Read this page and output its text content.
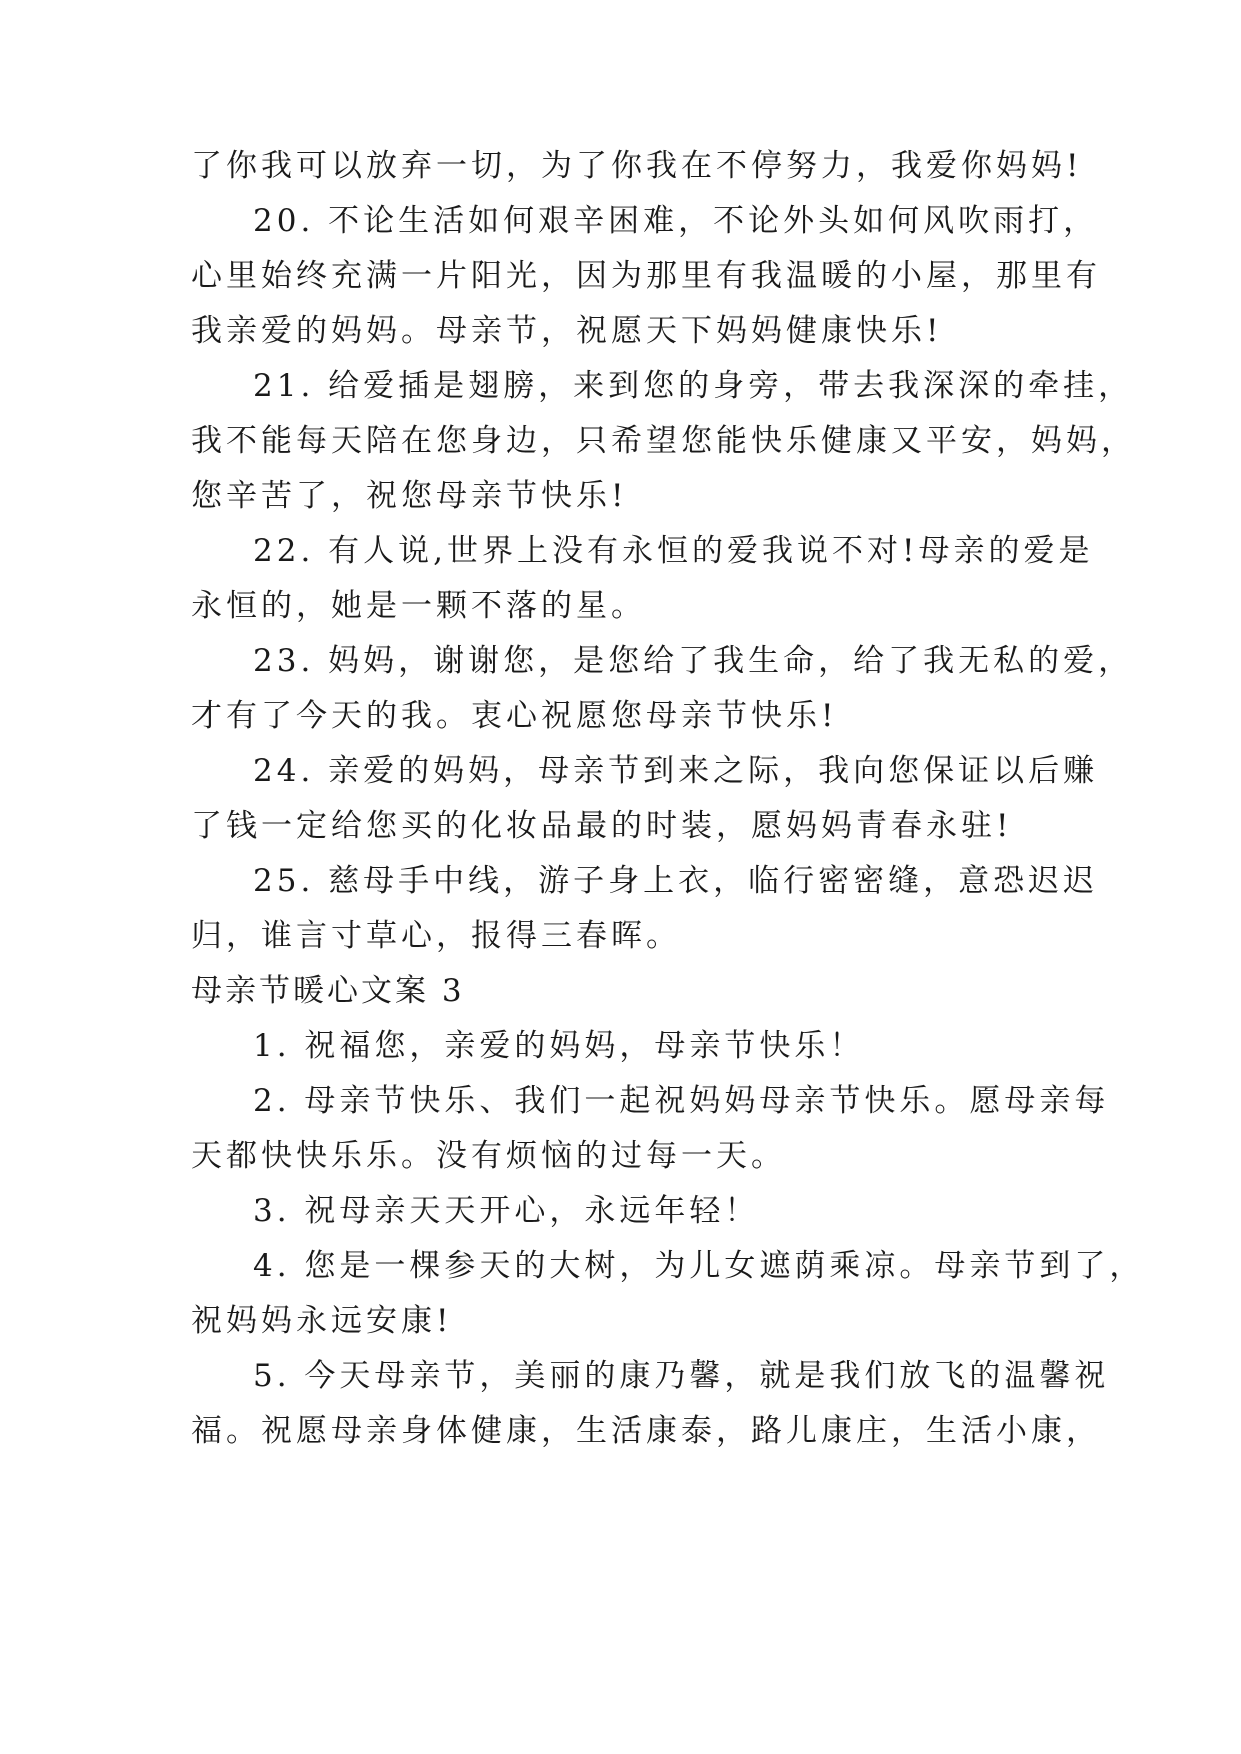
了你我可以放弃一切，为了你我在不停努力，我爱你妈妈!
20. 不论生活如何艰辛困难，不论外头如何风吹雨打，
心里始终充满一片阳光，因为那里有我温暖的小屋，那里有
我亲爱的妈妈。母亲节，祝愿天下妈妈健康快乐!
21. 给爱插是翅膀，来到您的身旁，带去我深深的牵挂，
我不能每天陪在您身边，只希望您能快乐健康又平安，妈妈，
您辛苦了，祝您母亲节快乐!
22. 有人说,世界上没有永恒的爱我说不对!母亲的爱是
永恒的，她是一颗不落的星。
23. 妈妈，谢谢您，是您给了我生命，给了我无私的爱，
才有了今天的我。衷心祝愿您母亲节快乐!
24. 亲爱的妈妈，母亲节到来之际，我向您保证以后赚
了钱一定给您买的化妆品最的时装，愿妈妈青春永驻!
25. 慈母手中线，游子身上衣，临行密密缝，意恐迟迟
归，谁言寸草心，报得三春晖。
母亲节暖心文案 3
1. 祝福您，亲爱的妈妈，母亲节快乐！
2. 母亲节快乐、我们一起祝妈妈母亲节快乐。愿母亲每
天都快快乐乐。没有烦恼的过每一天。
3. 祝母亲天天开心，永远年轻！
4. 您是一棵参天的大树，为儿女遮荫乘凉。母亲节到了，
祝妈妈永远安康!
5. 今天母亲节，美丽的康乃馨，就是我们放飞的温馨祝
福。祝愿母亲身体健康，生活康泰，路儿康庄，生活小康，
